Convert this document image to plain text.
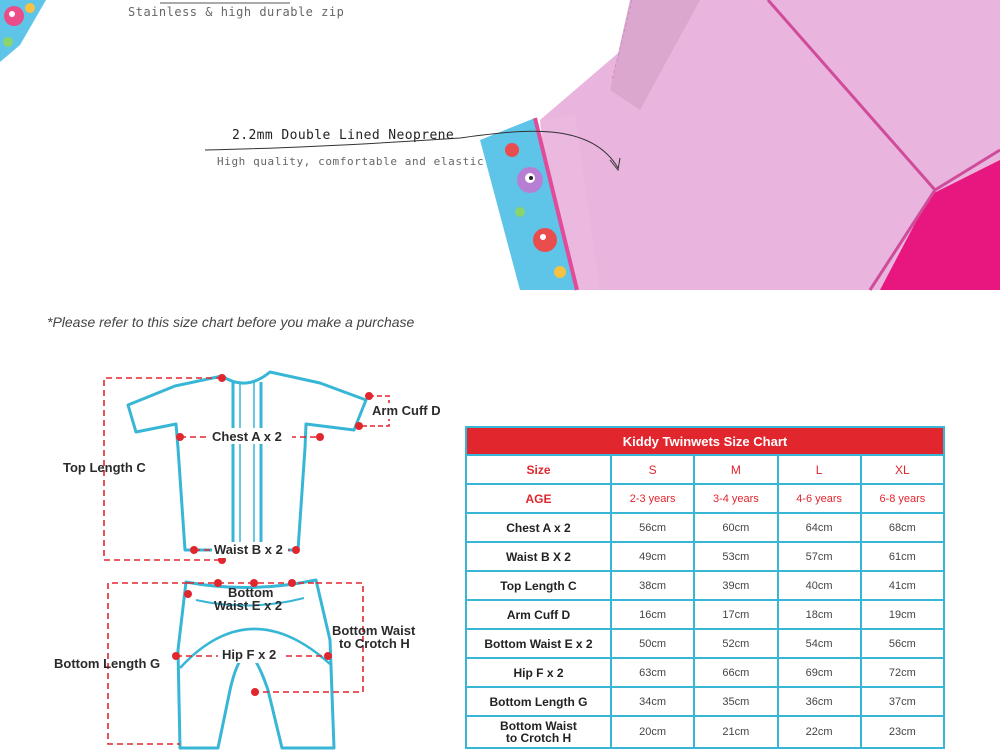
Stainless & high durable zip
2.2mm Double Lined Neoprene
High quality, comfortable and elastic
*Please refer to this size chart before you make a purchase
Top Length C
Chest A x 2
Arm Cuff D
Waist B x 2
Bottom
Waist E x 2
Bottom Waist
to Crotch H
Bottom Length G
Hip F x 2
Kiddy Twinwets Size Chart				
Size	S	M	L	XL
AGE	2-3 years	3-4 years	4-6 years	6-8 years
Chest A x 2	56cm	60cm	64cm	68cm
Waist B X 2	49cm	53cm	57cm	61cm
Top Length C	38cm	39cm	40cm	41cm
Arm Cuff D	16cm	17cm	18cm	19cm
Bottom Waist E x 2	50cm	52cm	54cm	56cm
Hip F x 2	63cm	66cm	69cm	72cm
Bottom Length G	34cm	35cm	36cm	37cm

Bottom Waist
to Crotch H	20cm	21cm	22cm	23cm
